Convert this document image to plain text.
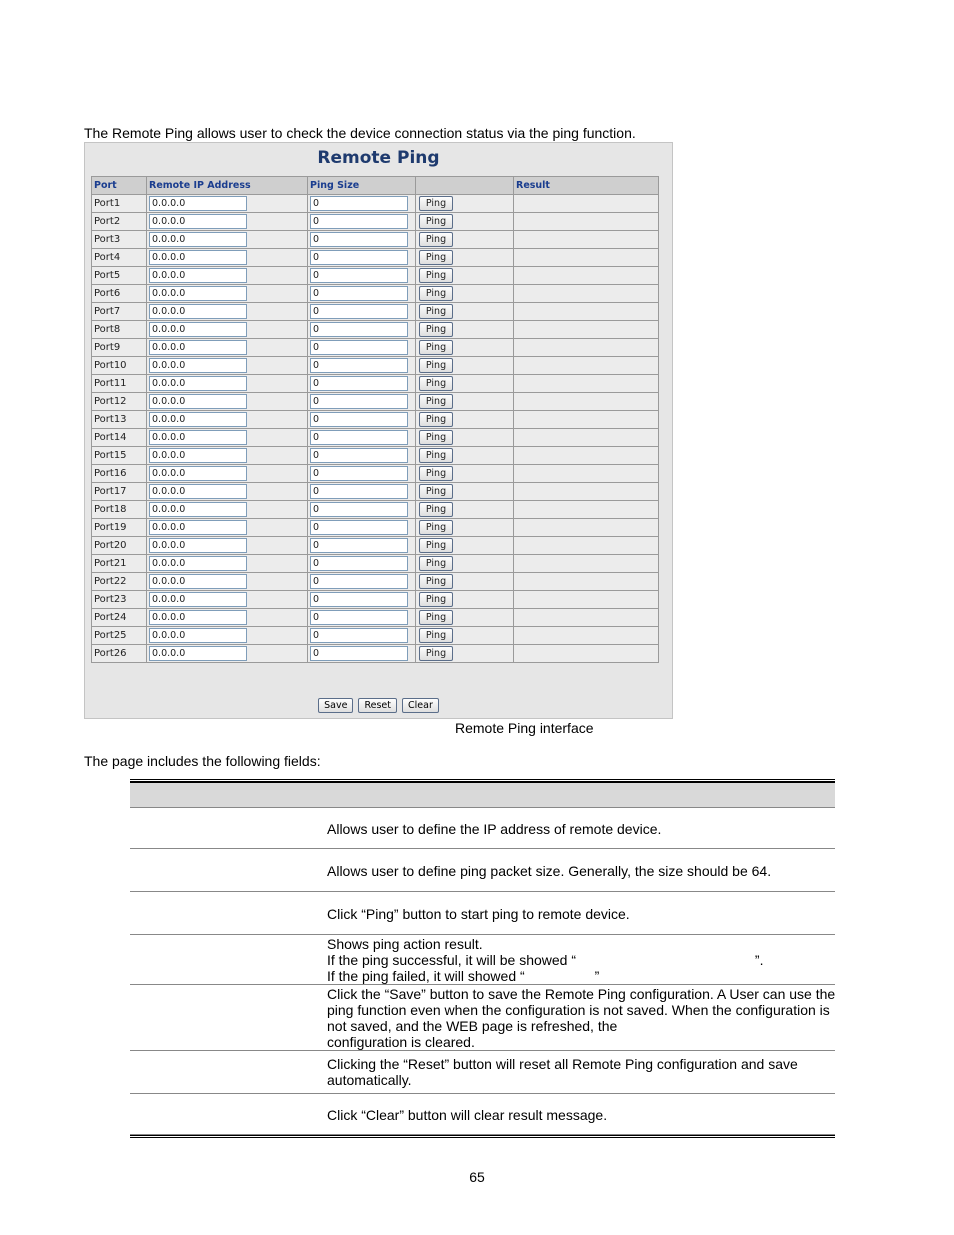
The Remote Ping allows user to check the device connection status via the ping function.
Remote Ping
Port	Remote IP Address	Ping Size		Result
Port1	0.0.0.0	0	Ping	
Port2	0.0.0.0	0	Ping	
Port3	0.0.0.0	0	Ping	
Port4	0.0.0.0	0	Ping	
Port5	0.0.0.0	0	Ping	
Port6	0.0.0.0	0	Ping	
Port7	0.0.0.0	0	Ping	
Port8	0.0.0.0	0	Ping	
Port9	0.0.0.0	0	Ping	
Port10	0.0.0.0	0	Ping	
Port11	0.0.0.0	0	Ping	
Port12	0.0.0.0	0	Ping	
Port13	0.0.0.0	0	Ping	
Port14	0.0.0.0	0	Ping	
Port15	0.0.0.0	0	Ping	
Port16	0.0.0.0	0	Ping	
Port17	0.0.0.0	0	Ping	
Port18	0.0.0.0	0	Ping	
Port19	0.0.0.0	0	Ping	
Port20	0.0.0.0	0	Ping	
Port21	0.0.0.0	0	Ping	
Port22	0.0.0.0	0	Ping	
Port23	0.0.0.0	0	Ping	
Port24	0.0.0.0	0	Ping	
Port25	0.0.0.0	0	Ping	
Port26	0.0.0.0	0	Ping	
Save Reset Clear
Remote Ping interface
The page includes the following fields:
Allows user to define the IP address of remote device.
Allows user to define ping packet size. Generally, the size should be 64.
Click “Ping” button to start ping to remote device.
Shows ping action result.
If the ping successful, it will be showed “                                              ”.
If the ping failed, it will showed “                  ”
Click the “Save” button to save the Remote Ping configuration. A User can use the
ping function even when the configuration is not saved. When the configuration is
not saved, and the WEB page is refreshed, the
configuration is cleared.
Clicking the “Reset” button will reset all Remote Ping configuration and save
automatically.
Click “Clear” button will clear result message.
65
